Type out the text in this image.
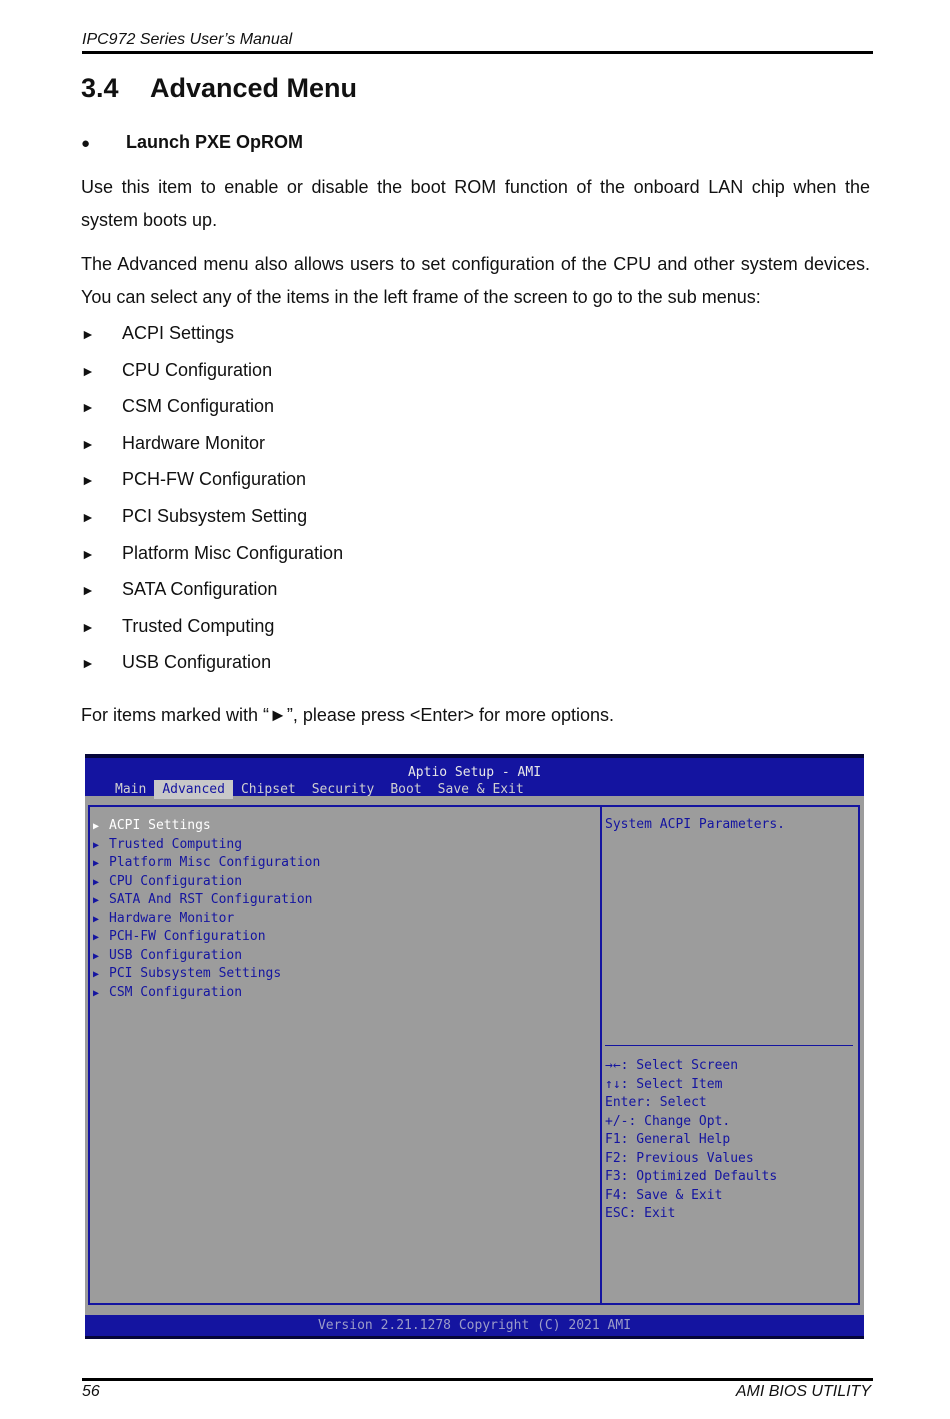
IPC972 Series User’s Manual
3.4 Advanced Menu
● Launch PXE OpROM

Use this item to enable or disable the boot ROM function of the onboard LAN chip when the system boots up.

The Advanced menu also allows users to set configuration of the CPU and other system devices. You can select any of the items in the left frame of the screen to go to the sub menus:

► ACPI Settings
► CPU Configuration
► CSM Configuration
► Hardware Monitor
► PCH-FW Configuration
► PCI Subsystem Setting
► Platform Misc Configuration
► SATA Configuration
► Trusted Computing
► USB Configuration
For items marked with “►”, please press <Enter> for more options.
Aptio Setup - AMI
Main	Advanced	Chipset	Security	Boot	Save & Exit
▶ ACPI Settings
▶ Trusted Computing
▶ Platform Misc Configuration
▶ CPU Configuration
▶ SATA And RST Configuration
▶ Hardware Monitor
▶ PCH-FW Configuration
▶ USB Configuration
▶ PCI Subsystem Settings
▶ CSM Configuration
System ACPI Parameters.
→←: Select Screen
↑↓: Select Item
Enter: Select
+/-: Change Opt.
F1: General Help
F2: Previous Values
F3: Optimized Defaults
F4: Save & Exit
ESC: Exit
Version 2.21.1278 Copyright (C) 2021 AMI
56	AMI BIOS UTILITY
